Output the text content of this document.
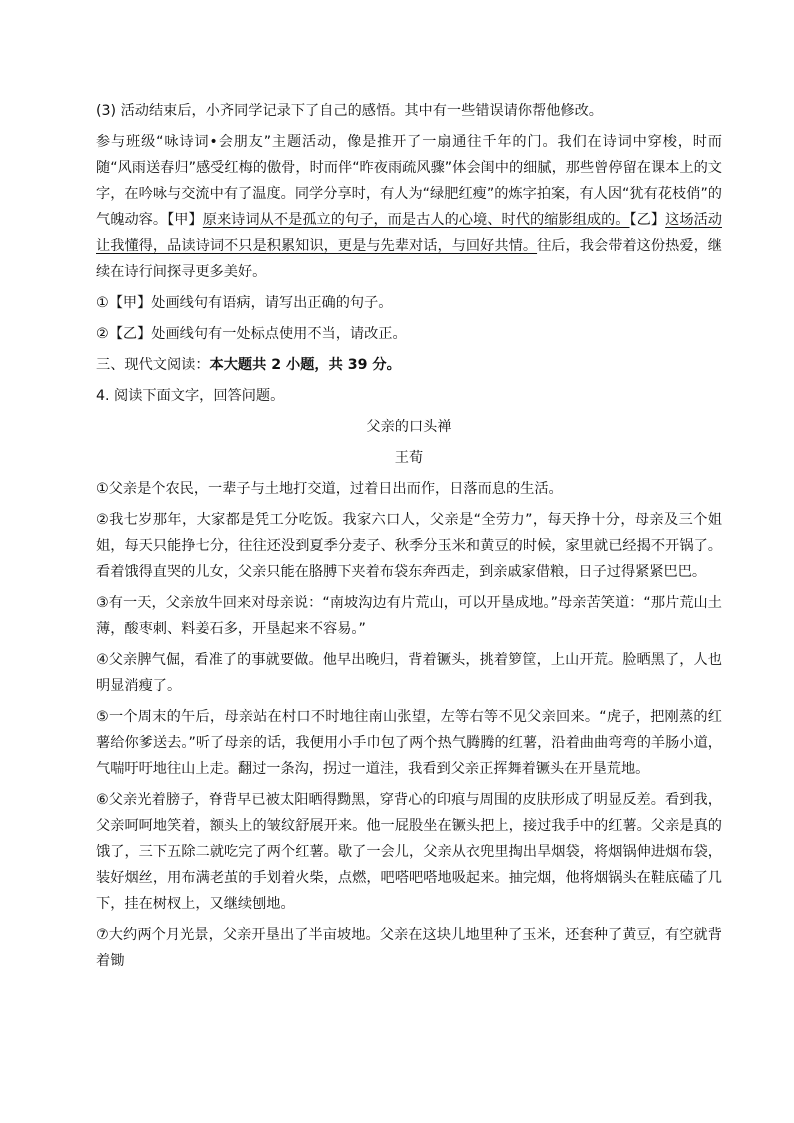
(3) 活动结束后，小齐同学记录下了自己的感悟。其中有一些错误请你帮他修改。

参与班级“咏诗词•会朋友”主题活动，像是推开了一扇通往千年的门。我们在诗词中穿梭，时而随“风雨送春归”感受红梅的傲骨，时而伴“昨夜雨疏风骤”体会闺中的细腻，那些曾停留在课本上的文字，在吟咏与交流中有了温度。同学分享时，有人为“绿肥红瘦”的炼字拍案，有人因“犹有花枝俏”的气魄动容。【甲】原来诗词从不是孤立的句子，而是古人的心境、时代的缩影组成的。【乙】这场活动让我懂得，品读诗词不只是积累知识，更是与先辈对话，与回好共情。往后，我会带着这份热爱，继续在诗行间探寻更多美好。

①【甲】处画线句有语病，请写出正确的句子。

②【乙】处画线句有一处标点使用不当，请改正。

三、现代文阅读：本大题共 2 小题，共 39 分。

4. 阅读下面文字，回答问题。

父亲的口头禅

王荀

①父亲是个农民，一辈子与土地打交道，过着日出而作，日落而息的生活。

②我七岁那年，大家都是凭工分吃饭。我家六口人，父亲是“全劳力”，每天挣十分，母亲及三个姐姐，每天只能挣七分，往往还没到夏季分麦子、秋季分玉米和黄豆的时候，家里就已经揭不开锅了。看着饿得直哭的儿女，父亲只能在胳膊下夹着布袋东奔西走，到亲戚家借粮，日子过得紧紧巴巴。

③有一天，父亲放牛回来对母亲说：“南坡沟边有片荒山，可以开垦成地。”母亲苦笑道：“那片荒山土薄，酸枣刺、料姜石多，开垦起来不容易。”

④父亲脾气倔，看准了的事就要做。他早出晚归，背着镢头，挑着箩筐，上山开荒。脸晒黑了，人也明显消瘦了。

⑤一个周末的午后，母亲站在村口不时地往南山张望，左等右等不见父亲回来。“虎子，把刚蒸的红薯给你爹送去。”听了母亲的话，我便用小手巾包了两个热气腾腾的红薯，沿着曲曲弯弯的羊肠小道，气喘吁吁地往山上走。翻过一条沟，拐过一道洼，我看到父亲正挥舞着镢头在开垦荒地。

⑥父亲光着膀子，脊背早已被太阳晒得黝黑，穿背心的印痕与周围的皮肤形成了明显反差。看到我，父亲呵呵地笑着，额头上的皱纹舒展开来。他一屁股坐在镢头把上，接过我手中的红薯。父亲是真的饿了，三下五除二就吃完了两个红薯。歇了一会儿，父亲从衣兜里掏出旱烟袋，将烟锅伸进烟布袋，装好烟丝，用布满老茧的手划着火柴，点燃，吧嗒吧嗒地吸起来。抽完烟，他将烟锅头在鞋底磕了几下，挂在树杈上，又继续刨地。

⑦大约两个月光景，父亲开垦出了半亩坡地。父亲在这块儿地里种了玉米，还套种了黄豆，有空就背着锄
